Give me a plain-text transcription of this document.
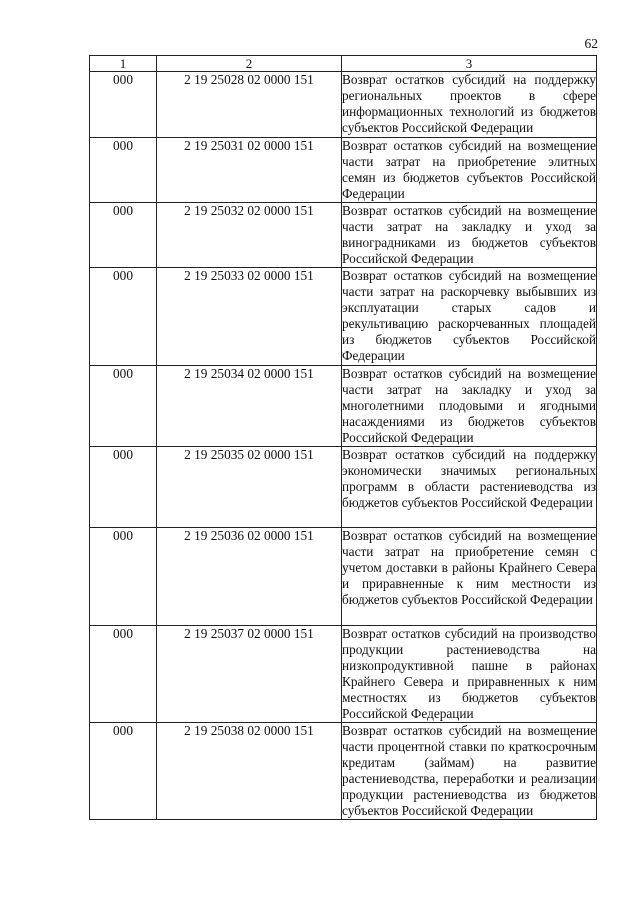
62
1	2	3
000	2 19 25028 02 0000 151	Возврат остатков субсидий на поддержку региональных проектов в сфере информационных технологий из бюджетов субъектов Российской Федерации
000	2 19 25031 02 0000 151	Возврат остатков субсидий на возмещение части затрат на приобретение элитных семян из бюджетов субъектов Российской Федерации
000	2 19 25032 02 0000 151	Возврат остатков субсидий на возмещение части затрат на закладку и уход за виноградниками из бюджетов субъектов Российской Федерации
000	2 19 25033 02 0000 151	Возврат остатков субсидий на возмещение части затрат на раскорчевку выбывших из эксплуатации старых садов и рекультивацию раскорчеванных площадей из бюджетов субъектов Российской Федерации
000	2 19 25034 02 0000 151	Возврат остатков субсидий на возмещение части затрат на закладку и уход за многолетними плодовыми и ягодными насаждениями из бюджетов субъектов Российской Федерации
000	2 19 25035 02 0000 151	Возврат остатков субсидий на поддержку экономически значимых региональных программ в области растениеводства из бюджетов субъектов Российской Федерации
000	2 19 25036 02 0000 151	Возврат остатков субсидий на возмещение части затрат на приобретение семян с учетом доставки в районы Крайнего Севера и приравненные к ним местности из бюджетов субъектов Российской Федерации
000	2 19 25037 02 0000 151	Возврат остатков субсидий на производство продукции растениеводства на низкопродуктивной пашне в районах Крайнего Севера и приравненных к ним местностях из бюджетов субъектов Российской Федерации
000	2 19 25038 02 0000 151	Возврат остатков субсидий на возмещение части процентной ставки по краткосрочным кредитам (займам) на развитие растениеводства, переработки и реализации продукции растениеводства из бюджетов субъектов Российской Федерации
